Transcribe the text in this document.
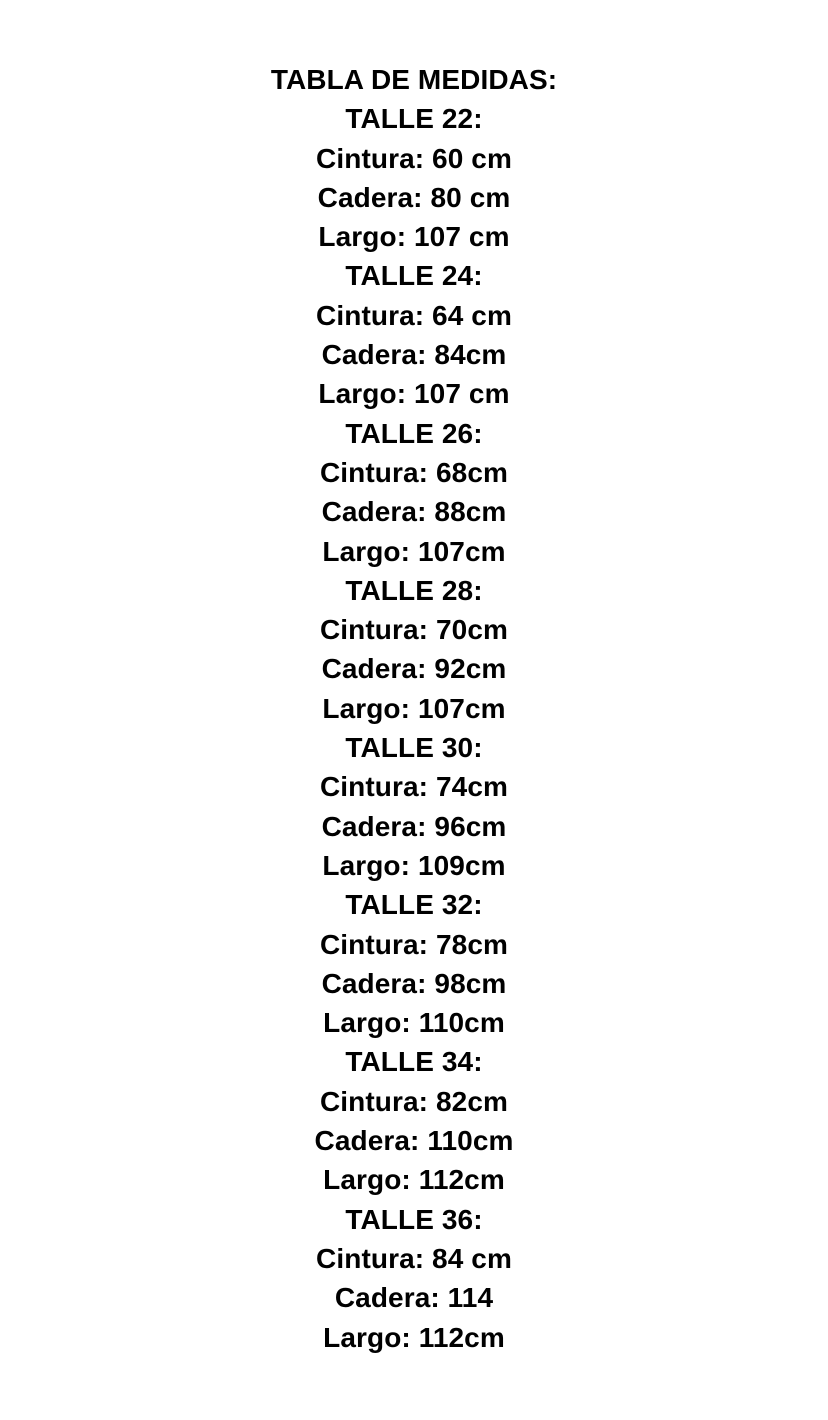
TABLA DE MEDIDAS:
TALLE 22:
Cintura: 60 cm
Cadera: 80 cm
Largo: 107 cm
TALLE 24:
Cintura: 64 cm
Cadera: 84cm
Largo: 107 cm
TALLE 26:
Cintura: 68cm
Cadera: 88cm
Largo: 107cm
TALLE 28:
Cintura: 70cm
Cadera: 92cm
Largo: 107cm
TALLE 30:
Cintura: 74cm
Cadera: 96cm
Largo: 109cm
TALLE 32:
Cintura: 78cm
Cadera: 98cm
Largo: 110cm
TALLE 34:
Cintura: 82cm
Cadera: 110cm
Largo: 112cm
TALLE 36:
Cintura: 84 cm
Cadera: 114
Largo: 112cm
